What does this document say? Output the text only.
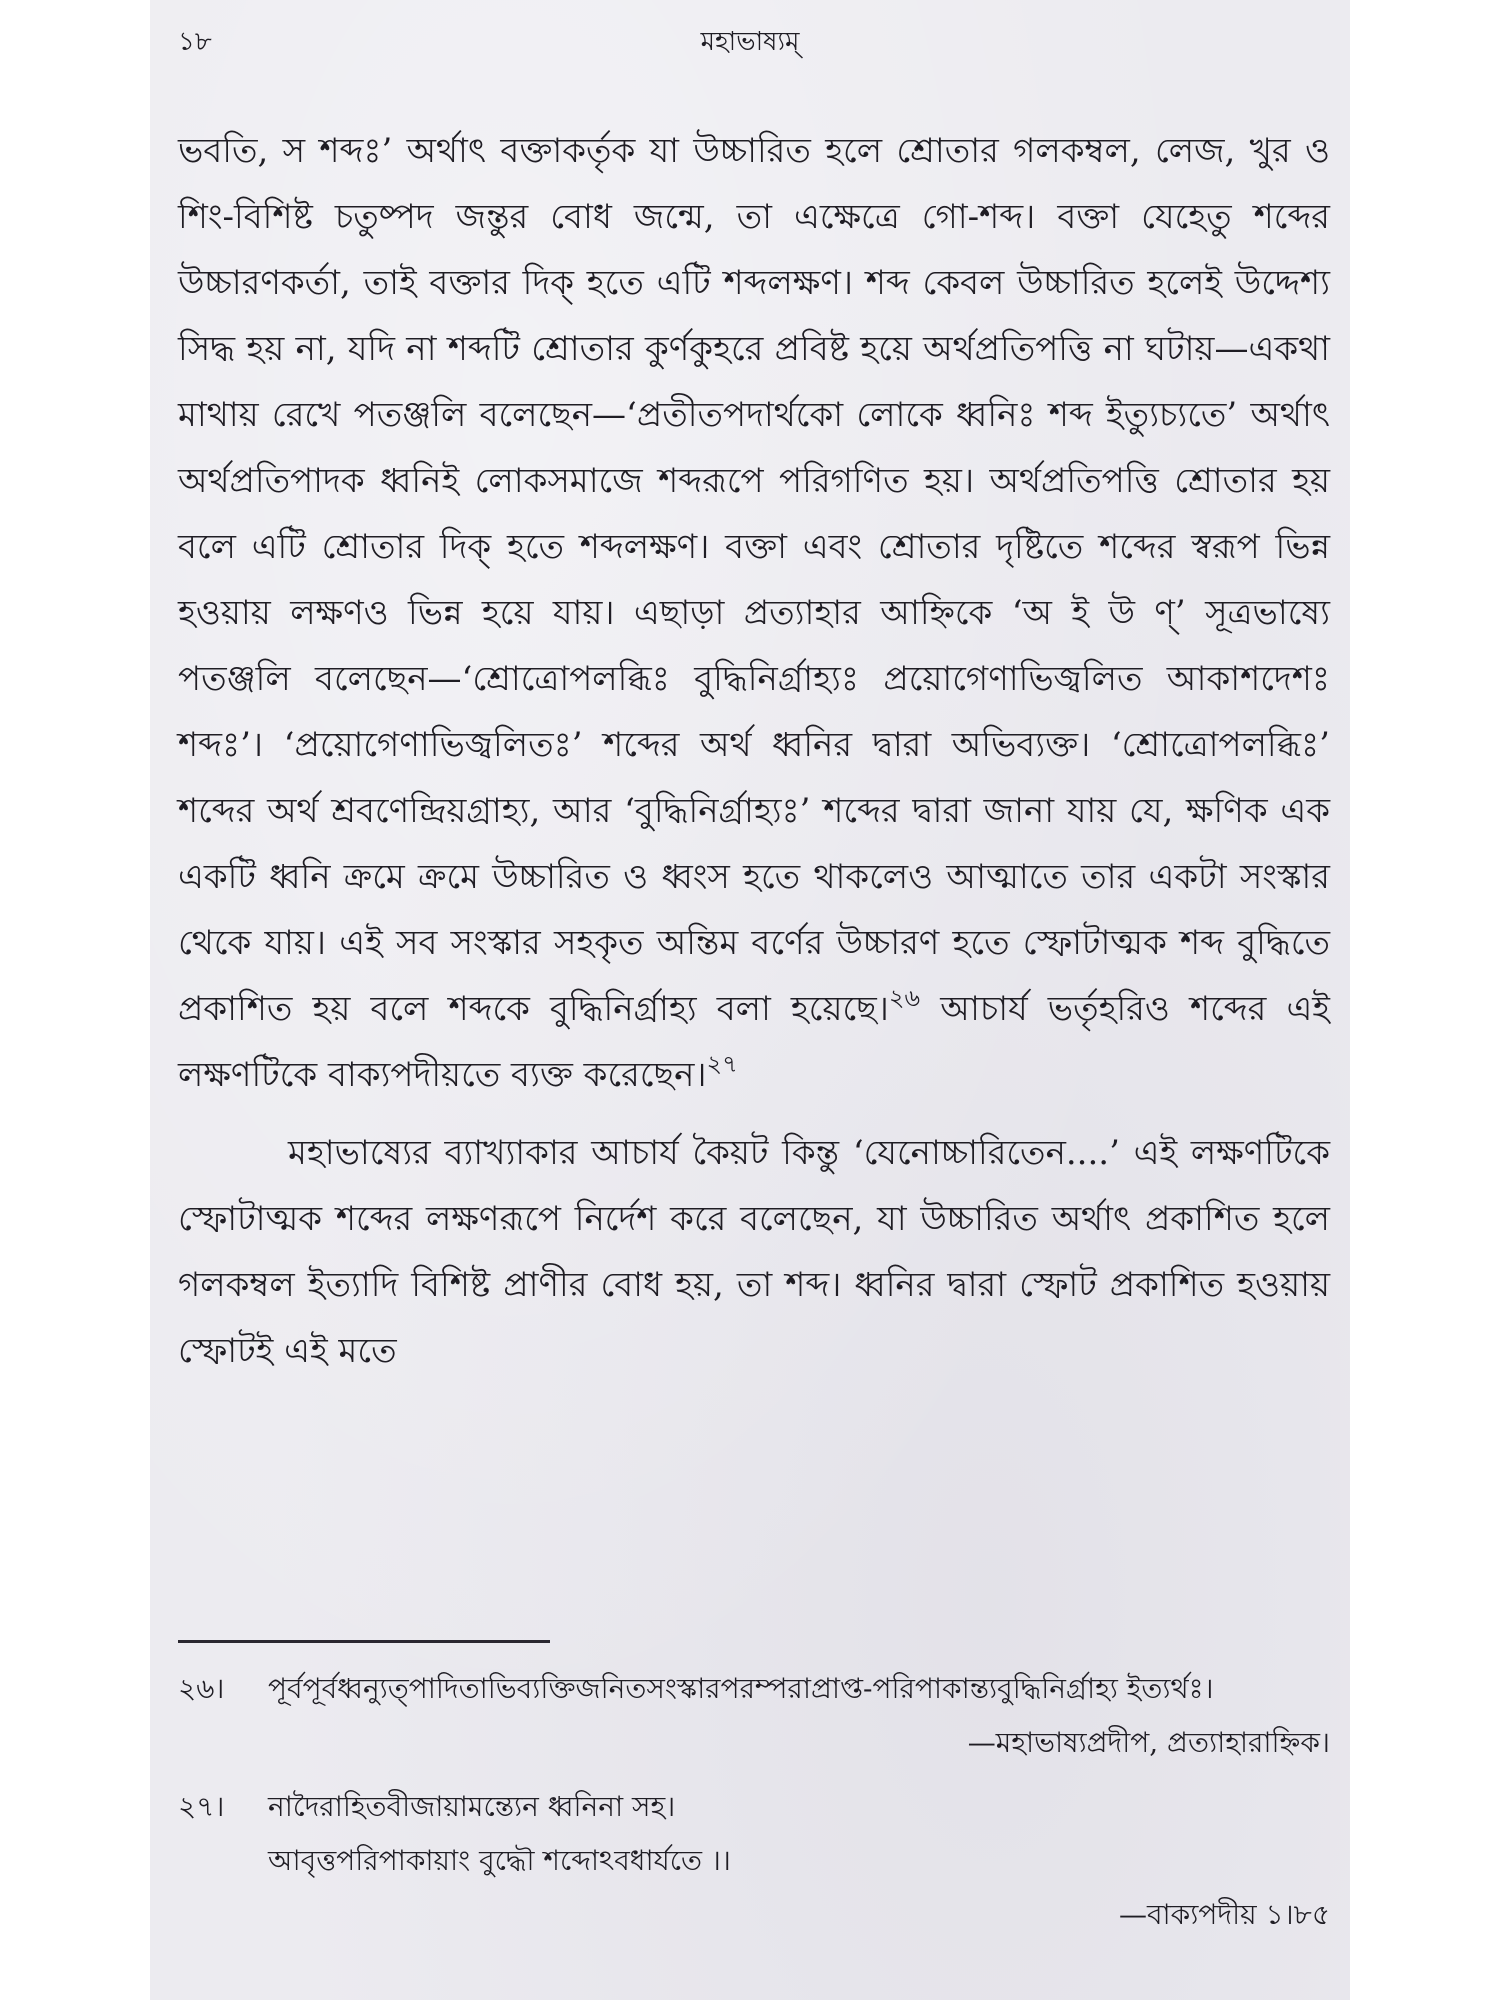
১৮	মহাভাষ্যম্

ভবতি, স শব্দঃ’ অর্থাৎ বক্তাকর্তৃক যা উচ্চারিত হলে শ্রোতার গলকম্বল, লেজ, খুর ও শিং-বিশিষ্ট চতুষ্পদ জন্তুর বোধ জন্মে, তা এক্ষেত্রে গো-শব্দ। বক্তা যেহেতু শব্দের উচ্চারণকর্তা, তাই বক্তার দিক্ হতে এটি শব্দলক্ষণ। শব্দ কেবল উচ্চারিত হলেই উদ্দেশ্য সিদ্ধ হয় না, যদি না শব্দটি শ্রোতার কুর্ণকুহরে প্রবিষ্ট হয়ে অর্থপ্রতিপত্তি না ঘটায়—একথা মাথায় রেখে পতঞ্জলি বলেছেন—‘প্রতীতপদার্থকো লোকে ধ্বনিঃ শব্দ ইত্যুচ্যতে’ অর্থাৎ অর্থপ্রতিপাদক ধ্বনিই লোকসমাজে শব্দরূপে পরিগণিত হয়। অর্থপ্রতিপত্তি শ্রোতার হয় বলে এটি শ্রোতার দিক্ হতে শব্দলক্ষণ। বক্তা এবং শ্রোতার দৃষ্টিতে শব্দের স্বরূপ ভিন্ন হওয়ায় লক্ষণও ভিন্ন হয়ে যায়। এছাড়া প্রত্যাহার আহ্নিকে ‘অ ই উ ণ্’ সূত্রভাষ্যে পতঞ্জলি বলেছেন—‘শ্রোত্রোপলব্ধিঃ বুদ্ধিনির্গ্রাহ্যঃ প্রয়োগেণাভিজ্বলিত আকাশদেশঃ শব্দঃ’। ‘প্রয়োগেণাভিজ্বলিতঃ’ শব্দের অর্থ ধ্বনির দ্বারা অভিব্যক্ত। ‘শ্রোত্রোপলব্ধিঃ’ শব্দের অর্থ শ্রবণেন্দ্রিয়গ্রাহ্য, আর ‘বুদ্ধিনির্গ্রাহ্যঃ’ শব্দের দ্বারা জানা যায় যে, ক্ষণিক এক একটি ধ্বনি ক্রমে ক্রমে উচ্চারিত ও ধ্বংস হতে থাকলেও আত্মাতে তার একটা সংস্কার থেকে যায়। এই সব সংস্কার সহকৃত অন্তিম বর্ণের উচ্চারণ হতে স্ফোটাত্মক শব্দ বুদ্ধিতে প্রকাশিত হয় বলে শব্দকে বুদ্ধিনির্গ্রাহ্য বলা হয়েছে।$^{২৬}$ আচার্য ভর্তৃহরিও শব্দের এই লক্ষণটিকে বাক্যপদীয়তে ব্যক্ত করেছেন।$^{২৭}$

মহাভাষ্যের ব্যাখ্যাকার আচার্য কৈয়ট কিন্তু ‘যেনোচ্চারিতেন....’ এই লক্ষণটিকে স্ফোটাত্মক শব্দের লক্ষণরূপে নির্দেশ করে বলেছেন, যা উচ্চারিত অর্থাৎ প্রকাশিত হলে গলকম্বল ইত্যাদি বিশিষ্ট প্রাণীর বোধ হয়, তা শব্দ। ধ্বনির দ্বারা স্ফোট প্রকাশিত হওয়ায় স্ফোটই এই মতে

২৬।	পূর্বপূর্বধ্বন্যুত্পাদিতাভিব্যক্তিজনিতসংস্কারপরম্পরাপ্রাপ্ত-পরিপাকান্ত্যবুদ্ধিনির্গ্রাহ্য ইত্যর্থঃ।
—মহাভাষ্যপ্রদীপ, প্রত্যাহারাহ্নিক।
২৭।	নাদৈরাহিতবীজায়ামন্ত্যেন ধ্বনিনা সহ।
আবৃত্তপরিপাকায়াং বুদ্ধৌ শব্দোঽবধার্যতে ।।
—বাক্যপদীয় ১।৮৫
